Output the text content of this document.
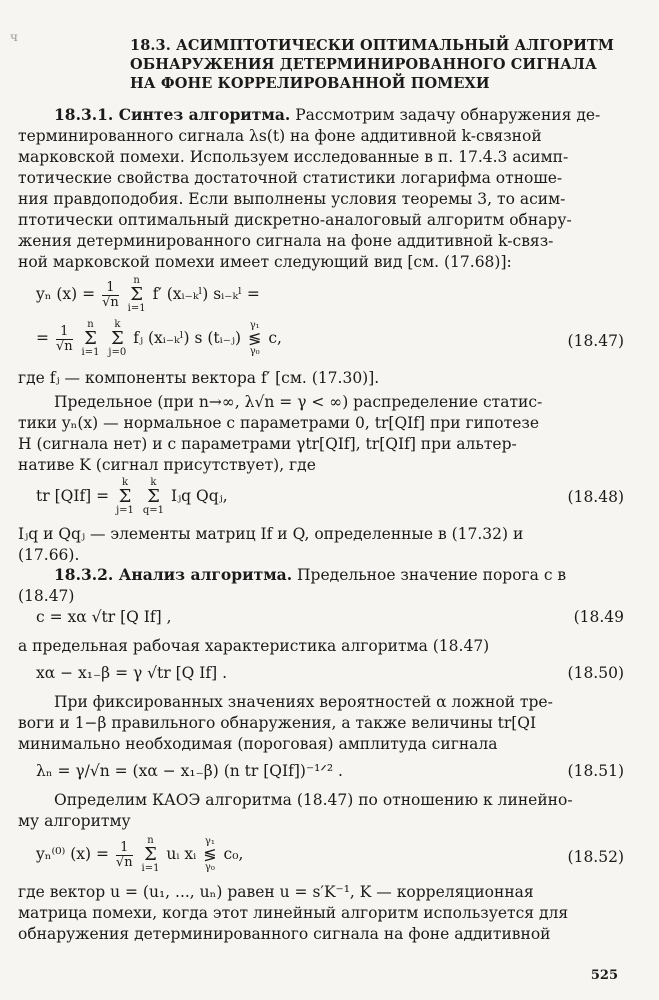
ч	18.3. АСИМПТОТИЧЕСКИ ОПТИМАЛЬНЫЙ АЛГОРИТМ
ОБНАРУЖЕНИЯ ДЕТЕРМИНИРОВАННОГО СИГНАЛА
НА ФОНЕ КОРРЕЛИРОВАННОЙ ПОМЕХИ
18.3.1. Синтез алгоритма. Рассмотрим задачу обнаружения де-
терминированного сигнала λs(t) на фоне аддитивной k-связной
марковской помехи. Используем исследованные в п. 17.4.3 асимп-
тотические свойства достаточной статистики логарифма отноше-
ния правдоподобия. Если выполнены условия теоремы 3, то асим-
птотически оптимальный дискретно-аналоговый алгоритм обнару-
жения детерминированного сигнала на фоне аддитивной k-связ-
ной марковской помехи имеет следующий вид [см. (17.68)]:
yₙ $(x) = \frac{1}{√n}$
	n
Σ
i=1
f′ (xᵢ₋ₖˡ) sᵢ₋ₖˡ =
= $\frac{1}{√n}$
	n
Σ
i=1

k
Σ
j=0
fⱼ (xᵢ₋ₖˡ) s (tᵢ₋ⱼ)
γ₁
≶
γ₀
c,	(18.47)
где fⱼ — компоненты вектора f′ [см. (17.30)].
Предельное (при n→∞, λ√n = γ < ∞) распределение статис-
тики yₙ(x) — нормальное с параметрами 0, tr[QIf] при гипотезе
H (сигнала нет) и с параметрами γtr[QIf], tr[QIf] при альтер-
нативе K (сигнал присутствует), где
tr [QIf] =
k
Σ
j=1

k
Σ
q=1
Iⱼq Qqⱼ,	(18.48)
Iⱼq и Qqⱼ — элементы матриц If и Q, определенные в (17.32) и
(17.66).
18.3.2. Анализ алгоритма. Предельное значение порога c в
(18.47)
c = xα √tr [Q If] ,	(18.49
а предельная рабочая характеристика алгоритма (18.47)
xα − x₁₋β = γ √tr [Q If] .	(18.50)
При фиксированных значениях вероятностей α ложной тре-
воги и 1−β правильного обнаружения, а также величины tr[QI
минимально необходимая (пороговая) амплитуда сигнала
λₙ = γ/√n = (xα − x₁₋β) (n tr [QIf])⁻¹ᐟ² .	(18.51)
Определим КАОЭ алгоритма (18.47) по отношению к линейно-
му алгоритму
yₙ⁽⁰⁾ $(x) = \frac{1}{√n}$
	n
Σ
i=1
uᵢ xᵢ
γ₁
≶
γ₀
c₀,	(18.52)
где вектор u = (u₁, ..., uₙ) равен u = s′K⁻¹, K — корреляционная
матрица помехи, когда этот линейный алгоритм используется для
обнаружения детерминированного сигнала на фоне аддитивной
525
